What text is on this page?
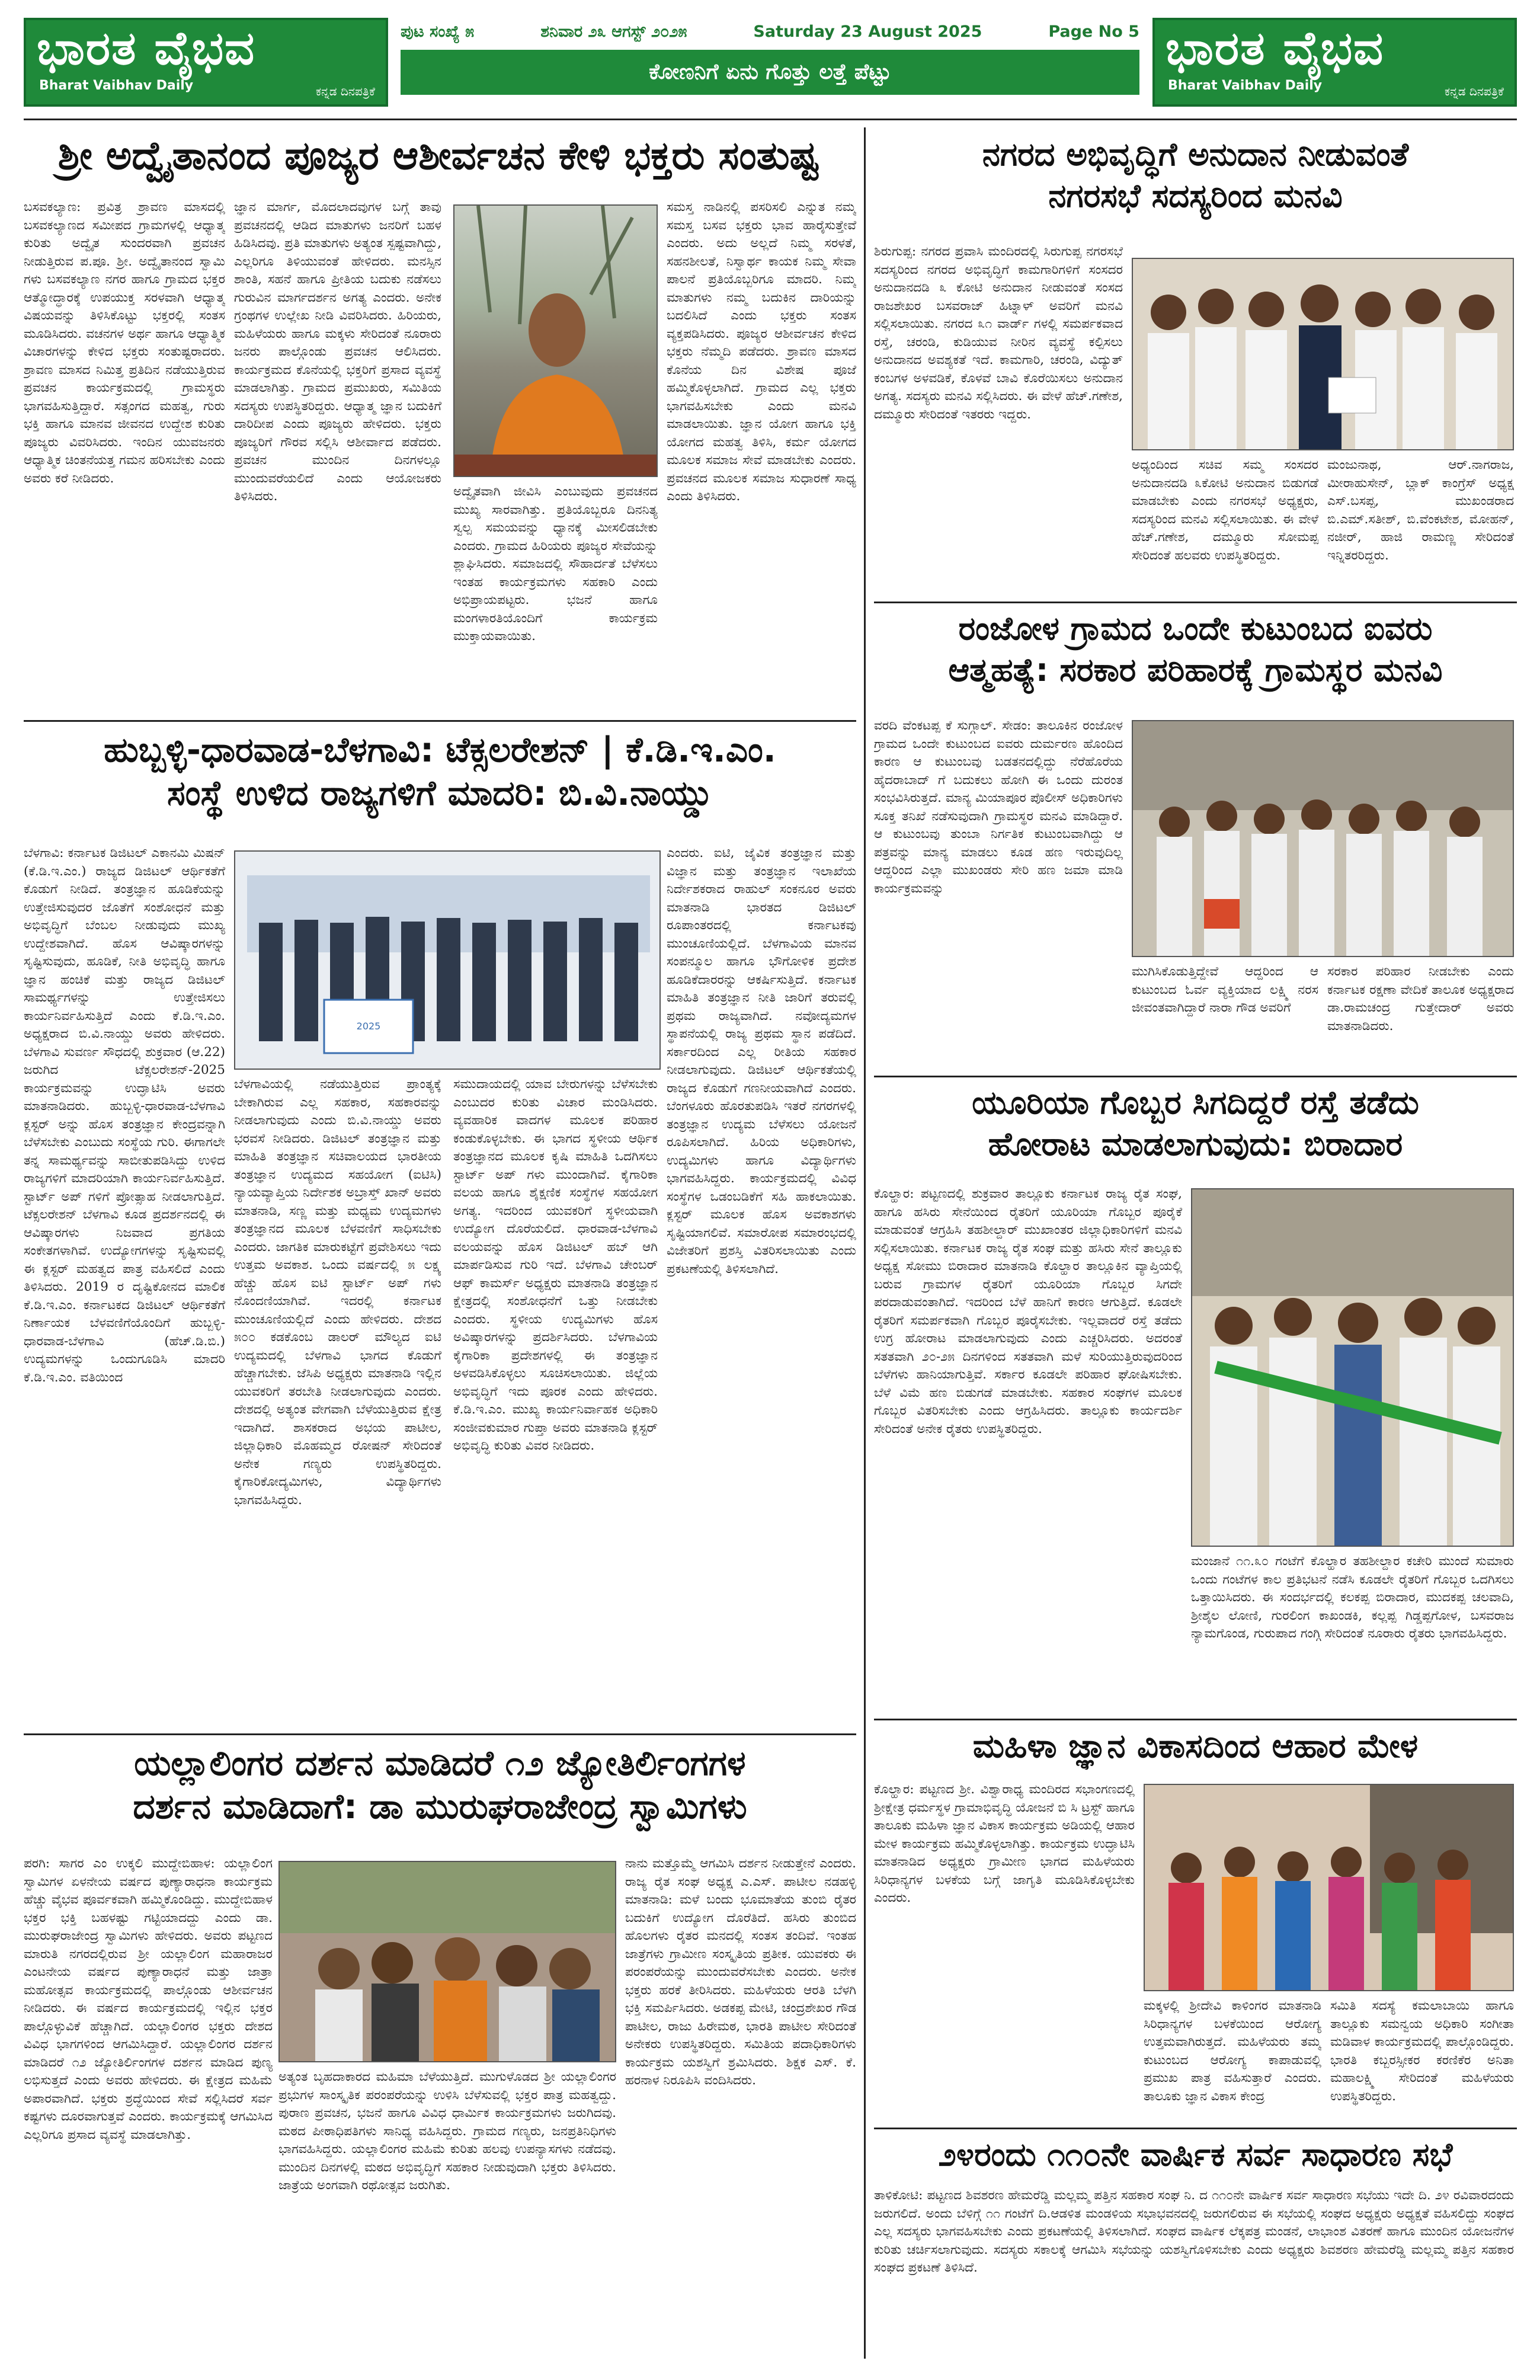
ಭಾರತ ವೈಭವ
Bharat Vaibhav Daily	ಕನ್ನಡ ದಿನಪತ್ರಿಕೆ
ಭಾರತ ವೈಭವ
Bharat Vaibhav Daily	ಕನ್ನಡ ದಿನಪತ್ರಿಕೆ
ಪುಟ ಸಂಖ್ಯೆ ೫	ಶನಿವಾರ ೨೩ ಆಗಸ್ಟ್ ೨೦೨೫	Saturday 23 August 2025	Page No 5
ಕೋಣನಿಗೆ ಏನು ಗೊತ್ತು ಲತ್ತೆ ಪೆಟ್ಟು
ಶ್ರೀ ಅದ್ವೈತಾನಂದ ಪೂಜ್ಯರ ಆಶೀರ್ವಚನ ಕೇಳಿ ಭಕ್ತರು ಸಂತುಷ್ಟ
ಬಸವಕಲ್ಯಾಣ: ಪ್ರವಿತ್ರ ಶ್ರಾವಣ ಮಾಸದಲ್ಲಿ ಬಸವಕಲ್ಯಾಣದ ಸಮೀಪದ ಗ್ರಾಮಗಳಲ್ಲಿ ಆಧ್ಯಾತ್ಮ ಕುರಿತು ಅದ್ವೈತ ಸುಂದರವಾಗಿ ಪ್ರವಚನ ನೀಡುತ್ತಿರುವ ಪ.ಪೂ. ಶ್ರೀ. ಅದ್ವೈತಾನಂದ ಸ್ವಾಮಿ ಗಳು ಬಸವಕಲ್ಯಾಣ ನಗರ ಹಾಗೂ ಗ್ರಾಮದ ಭಕ್ತರ ಆತ್ಮೋದ್ಧಾರಕ್ಕೆ ಉಪಯುಕ್ತ ಸರಳವಾಗಿ ಆಧ್ಯಾತ್ಮ ವಿಷಯವನ್ನು ತಿಳಿಸಿಕೊಟ್ಟು ಭಕ್ತರಲ್ಲಿ ಸಂತಸ ಮೂಡಿಸಿದರು. ವಚನಗಳ ಅರ್ಥ ಹಾಗೂ ಆಧ್ಯಾತ್ಮಿಕ ವಿಚಾರಗಳನ್ನು ಕೇಳಿದ ಭಕ್ತರು ಸಂತುಷ್ಟರಾದರು. ಶ್ರಾವಣ ಮಾಸದ ನಿಮಿತ್ತ ಪ್ರತಿದಿನ ನಡೆಯುತ್ತಿರುವ ಪ್ರವಚನ ಕಾರ್ಯಕ್ರಮದಲ್ಲಿ ಗ್ರಾಮಸ್ಥರು ಭಾಗವಹಿಸುತ್ತಿದ್ದಾರೆ. ಸತ್ಸಂಗದ ಮಹತ್ವ, ಗುರು ಭಕ್ತಿ ಹಾಗೂ ಮಾನವ ಜೀವನದ ಉದ್ದೇಶ ಕುರಿತು ಪೂಜ್ಯರು ವಿವರಿಸಿದರು. ಇಂದಿನ ಯುವಜನರು ಆಧ್ಯಾತ್ಮಿಕ ಚಿಂತನೆಯತ್ತ ಗಮನ ಹರಿಸಬೇಕು ಎಂದು ಅವರು ಕರೆ ನೀಡಿದರು.
ಜ್ಞಾನ ಮಾರ್ಗ, ಮೊದಲಾದವುಗಳ ಬಗ್ಗೆ ತಾವು ಪ್ರವಚನದಲ್ಲಿ ಆಡಿದ ಮಾತುಗಳು ಜನರಿಗೆ ಬಹಳ ಹಿಡಿಸಿದವು. ಪ್ರತಿ ಮಾತುಗಳು ಅತ್ಯಂತ ಸ್ಪಷ್ಟವಾಗಿದ್ದು, ಎಲ್ಲರಿಗೂ ತಿಳಿಯುವಂತೆ ಹೇಳಿದರು. ಮನಸ್ಸಿನ ಶಾಂತಿ, ಸಹನೆ ಹಾಗೂ ಪ್ರೀತಿಯ ಬದುಕು ನಡೆಸಲು ಗುರುವಿನ ಮಾರ್ಗದರ್ಶನ ಅಗತ್ಯ ಎಂದರು. ಅನೇಕ ಗ್ರಂಥಗಳ ಉಲ್ಲೇಖ ನೀಡಿ ವಿವರಿಸಿದರು. ಹಿರಿಯರು, ಮಹಿಳೆಯರು ಹಾಗೂ ಮಕ್ಕಳು ಸೇರಿದಂತೆ ನೂರಾರು ಜನರು ಪಾಲ್ಗೊಂಡು ಪ್ರವಚನ ಆಲಿಸಿದರು. ಕಾರ್ಯಕ್ರಮದ ಕೊನೆಯಲ್ಲಿ ಭಕ್ತರಿಗೆ ಪ್ರಸಾದ ವ್ಯವಸ್ಥೆ ಮಾಡಲಾಗಿತ್ತು. ಗ್ರಾಮದ ಪ್ರಮುಖರು, ಸಮಿತಿಯ ಸದಸ್ಯರು ಉಪಸ್ಥಿತರಿದ್ದರು. ಆಧ್ಯಾತ್ಮ ಜ್ಞಾನ ಬದುಕಿಗೆ ದಾರಿದೀಪ ಎಂದು ಪೂಜ್ಯರು ಹೇಳಿದರು. ಭಕ್ತರು ಪೂಜ್ಯರಿಗೆ ಗೌರವ ಸಲ್ಲಿಸಿ ಆಶೀರ್ವಾದ ಪಡೆದರು. ಪ್ರವಚನ ಮುಂದಿನ ದಿನಗಳಲ್ಲೂ ಮುಂದುವರೆಯಲಿದೆ ಎಂದು ಆಯೋಜಕರು ತಿಳಿಸಿದರು.	ಅದ್ವೈತವಾಗಿ ಜೀವಿಸಿ ಎಂಬುವುದು ಪ್ರವಚನದ ಮುಖ್ಯ ಸಾರವಾಗಿತ್ತು. ಪ್ರತಿಯೊಬ್ಬರೂ ದಿನನಿತ್ಯ ಸ್ವಲ್ಪ ಸಮಯವನ್ನು ಧ್ಯಾನಕ್ಕೆ ಮೀಸಲಿಡಬೇಕು ಎಂದರು. ಗ್ರಾಮದ ಹಿರಿಯರು ಪೂಜ್ಯರ ಸೇವೆಯನ್ನು ಶ್ಲಾಘಿಸಿದರು. ಸಮಾಜದಲ್ಲಿ ಸೌಹಾರ್ದತೆ ಬೆಳೆಸಲು ಇಂತಹ ಕಾರ್ಯಕ್ರಮಗಳು ಸಹಕಾರಿ ಎಂದು ಅಭಿಪ್ರಾಯಪಟ್ಟರು. ಭಜನೆ ಹಾಗೂ ಮಂಗಳಾರತಿಯೊಂದಿಗೆ ಕಾರ್ಯಕ್ರಮ ಮುಕ್ತಾಯವಾಯಿತು.
ಸಮಸ್ತ ನಾಡಿನಲ್ಲಿ ಪಸರಿಸಲಿ ಎನ್ನುತ ನಮ್ಮ ಸಮಸ್ತ ಬಸವ ಭಕ್ತರು ಭಾವ ಹಾರೈಸುತ್ತೇವೆ ಎಂದರು. ಅದು ಅಲ್ಲದೆ ನಿಮ್ಮ ಸರಳತೆ, ಸಹನಶೀಲತೆ, ನಿಸ್ವಾರ್ಥ ಕಾಯಕ ನಿಮ್ಮ ಸೇವಾ ಪಾಲನೆ ಪ್ರತಿಯೊಬ್ಬರಿಗೂ ಮಾದರಿ. ನಿಮ್ಮ ಮಾತುಗಳು ನಮ್ಮ ಬದುಕಿನ ದಾರಿಯನ್ನು ಬದಲಿಸಿದೆ ಎಂದು ಭಕ್ತರು ಸಂತಸ ವ್ಯಕ್ತಪಡಿಸಿದರು. ಪೂಜ್ಯರ ಆಶೀರ್ವಚನ ಕೇಳಿದ ಭಕ್ತರು ನೆಮ್ಮದಿ ಪಡೆದರು. ಶ್ರಾವಣ ಮಾಸದ ಕೊನೆಯ ದಿನ ವಿಶೇಷ ಪೂಜೆ ಹಮ್ಮಿಕೊಳ್ಳಲಾಗಿದೆ. ಗ್ರಾಮದ ಎಲ್ಲ ಭಕ್ತರು ಭಾಗವಹಿಸಬೇಕು ಎಂದು ಮನವಿ ಮಾಡಲಾಯಿತು. ಜ್ಞಾನ ಯೋಗ ಹಾಗೂ ಭಕ್ತಿ ಯೋಗದ ಮಹತ್ವ ತಿಳಿಸಿ, ಕರ್ಮ ಯೋಗದ ಮೂಲಕ ಸಮಾಜ ಸೇವೆ ಮಾಡಬೇಕು ಎಂದರು. ಪ್ರವಚನದ ಮೂಲಕ ಸಮಾಜ ಸುಧಾರಣೆ ಸಾಧ್ಯ ಎಂದು ತಿಳಿಸಿದರು.
ಹುಬ್ಬಳ್ಳಿ-ಧಾರವಾಡ-ಬೆಳಗಾವಿ: ಟೆಕ್ಸಲರೇಶನ್ | ಕೆ.ಡಿ.ಇ.ಎಂ.
ಸಂಸ್ಥೆ ಉಳಿದ ರಾಜ್ಯಗಳಿಗೆ ಮಾದರಿ: ಬಿ.ವಿ.ನಾಯ್ಡು
ಬೆಳಗಾವಿ: ಕರ್ನಾಟಕ ಡಿಜಿಟಲ್ ಎಕಾನಮಿ ಮಿಷನ್ (ಕೆ.ಡಿ.ಇ.ಎಂ.) ರಾಜ್ಯದ ಡಿಜಿಟಲ್ ಆರ್ಥಿಕತೆಗೆ ಕೊಡುಗೆ ನೀಡಿದೆ. ತಂತ್ರಜ್ಞಾನ ಹೂಡಿಕೆಯನ್ನು ಉತ್ತೇಜಿಸುವುದರ ಜೊತೆಗೆ ಸಂಶೋಧನೆ ಮತ್ತು ಅಭಿವೃದ್ಧಿಗೆ ಬೆಂಬಲ ನೀಡುವುದು ಮುಖ್ಯ ಉದ್ದೇಶವಾಗಿದೆ. ಹೊಸ ಆವಿಷ್ಕಾರಗಳನ್ನು ಸೃಷ್ಟಿಸುವುದು, ಹೂಡಿಕೆ, ನೀತಿ ಅಭಿವೃದ್ಧಿ ಹಾಗೂ ಜ್ಞಾನ ಹಂಚಿಕೆ ಮತ್ತು ರಾಜ್ಯದ ಡಿಜಿಟಲ್ ಸಾಮರ್ಥ್ಯಗಳನ್ನು ಉತ್ತೇಜಿಸಲು ಕಾರ್ಯನಿರ್ವಹಿಸುತ್ತಿದೆ ಎಂದು ಕೆ.ಡಿ.ಇ.ಎಂ. ಅಧ್ಯಕ್ಷರಾದ ಬಿ.ವಿ.ನಾಯ್ಡು ಅವರು ಹೇಳಿದರು. ಬೆಳಗಾವಿ ಸುವರ್ಣ ಸೌಧದಲ್ಲಿ ಶುಕ್ರವಾರ (ಆ.22) ಜರುಗಿದ ಟೆಕ್ಸಲರೇಶನ್-2025 ಕಾರ್ಯಕ್ರಮವನ್ನು ಉದ್ಘಾಟಿಸಿ ಅವರು ಮಾತನಾಡಿದರು. ಹುಬ್ಬಳ್ಳಿ-ಧಾರವಾಡ-ಬೆಳಗಾವಿ ಕ್ಲಸ್ಟರ್ ಅನ್ನು ಹೊಸ ತಂತ್ರಜ್ಞಾನ ಕೇಂದ್ರವನ್ನಾಗಿ ಬೆಳೆಸಬೇಕು ಎಂಬುದು ಸಂಸ್ಥೆಯ ಗುರಿ. ಈಗಾಗಲೇ ತನ್ನ ಸಾಮರ್ಥ್ಯವನ್ನು ಸಾಬೀತುಪಡಿಸಿದ್ದು ಉಳಿದ ರಾಜ್ಯಗಳಿಗೆ ಮಾದರಿಯಾಗಿ ಕಾರ್ಯನಿರ್ವಹಿಸುತ್ತಿದೆ. ಸ್ಟಾರ್ಟ್ ಅಪ್ ಗಳಿಗೆ ಪ್ರೋತ್ಸಾಹ ನೀಡಲಾಗುತ್ತಿದೆ. ಟೆಕ್ಸಲರೇಶನ್ ಬೆಳಗಾವಿ ಕೂಡ ಪ್ರದರ್ಶನದಲ್ಲಿ ಈ ಆವಿಷ್ಕಾರಗಳು ನಿಜವಾದ ಪ್ರಗತಿಯ ಸಂಕೇತಗಳಾಗಿವೆ. ಉದ್ಯೋಗಗಳನ್ನು ಸೃಷ್ಟಿಸುವಲ್ಲಿ ಈ ಕ್ಲಸ್ಟರ್ ಮಹತ್ವದ ಪಾತ್ರ ವಹಿಸಲಿದೆ ಎಂದು ತಿಳಿಸಿದರು. 2019 ರ ದೃಷ್ಟಿಕೋನದ ಮಾಲಿಕ ಕೆ.ಡಿ.ಇ.ಎಂ. ಕರ್ನಾಟಕದ ಡಿಜಿಟಲ್ ಆರ್ಥಿಕತೆಗೆ ನಿರ್ಣಾಯಕ ಬೆಳವಣಿಗೆಯೊಂದಿಗೆ ಹುಬ್ಬಳ್ಳಿ-ಧಾರವಾಡ-ಬೆಳಗಾವಿ (ಹೆಚ್.ಡಿ.ಬಿ.) ಉದ್ಯಮಗಳನ್ನು ಒಂದುಗೂಡಿಸಿ ಮಾದರಿ ಕೆ.ಡಿ.ಇ.ಎಂ. ವತಿಯಿಂದ
2025
ಬೆಳಗಾವಿಯಲ್ಲಿ ನಡೆಯುತ್ತಿರುವ ಪ್ರಾಂತ್ಯಕ್ಕೆ ಬೇಕಾಗಿರುವ ಎಲ್ಲ ಸಹಕಾರ, ಸಹಕಾರವನ್ನು ನೀಡಲಾಗುವುದು ಎಂದು ಬಿ.ವಿ.ನಾಯ್ಡು ಅವರು ಭರವಸೆ ನೀಡಿದರು. ಡಿಜಿಟಲ್ ತಂತ್ರಜ್ಞಾನ ಮತ್ತು ಮಾಹಿತಿ ತಂತ್ರಜ್ಞಾನ ಸಚಿವಾಲಯದ ಭಾರತೀಯ ತಂತ್ರಜ್ಞಾನ ಉದ್ಯಮದ ಸಹಯೋಗ (ಐಟಿಸಿ) ನ್ಯಾಯವ್ಯಾಪ್ತಿಯ ನಿರ್ದೇಶಕ ಅಬ್ರಾಸ್ತ್ ಖಾನ್ ಅವರು ಮಾತನಾಡಿ, ಸಣ್ಣ ಮತ್ತು ಮಧ್ಯಮ ಉದ್ಯಮಗಳು ತಂತ್ರಜ್ಞಾನದ ಮೂಲಕ ಬೆಳವಣಿಗೆ ಸಾಧಿಸಬೇಕು ಎಂದರು. ಜಾಗತಿಕ ಮಾರುಕಟ್ಟೆಗೆ ಪ್ರವೇಶಿಸಲು ಇದು ಉತ್ತಮ ಅವಕಾಶ. ಒಂದು ವರ್ಷದಲ್ಲಿ ೫ ಲಕ್ಷ್ಯ ಹೆಚ್ಚು ಹೊಸ ಐಟಿ ಸ್ಟಾರ್ಟ್ ಅಪ್ ಗಳು ನೊಂದಣಿಯಾಗಿವೆ. ಇದರಲ್ಲಿ ಕರ್ನಾಟಕ ಮುಂಚೂಣಿಯಲ್ಲಿದೆ ಎಂದು ಹೇಳಿದರು. ದೇಶದ ೫೦೦ ಕಡಕೊಂಬ ಡಾಲರ್ ಮೌಲ್ಯದ ಐಟಿ ಉದ್ಯಮದಲ್ಲಿ ಬೆಳಗಾವಿ ಭಾಗದ ಕೊಡುಗೆ ಹೆಚ್ಚಾಗಬೇಕು. ಜೆಸಿಪಿ ಅಧ್ಯಕ್ಷರು ಮಾತನಾಡಿ ಇಲ್ಲಿನ ಯುವಕರಿಗೆ ತರಬೇತಿ ನೀಡಲಾಗುವುದು ಎಂದರು. ದೇಶದಲ್ಲಿ ಅತ್ಯಂತ ವೇಗವಾಗಿ ಬೆಳೆಯುತ್ತಿರುವ ಕ್ಷೇತ್ರ ಇದಾಗಿದೆ. ಶಾಸಕರಾದ ಅಭಯ ಪಾಟೀಲ, ಜಿಲ್ಲಾಧಿಕಾರಿ ಮೊಹಮ್ಮದ ರೋಷನ್ ಸೇರಿದಂತೆ ಅನೇಕ ಗಣ್ಯರು ಉಪಸ್ಥಿತರಿದ್ದರು. ಕೈಗಾರಿಕೋದ್ಯಮಿಗಳು, ವಿದ್ಯಾರ್ಥಿಗಳು ಭಾಗವಹಿಸಿದ್ದರು.
ಸಮುದಾಯದಲ್ಲಿ ಯಾವ ಬೇರುಗಳನ್ನು ಬೆಳೆಸಬೇಕು ಎಂಬುದರ ಕುರಿತು ವಿಚಾರ ಮಂಡಿಸಿದರು. ವ್ಯವಹಾರಿಕ ವಾದಗಳ ಮೂಲಕ ಪರಿಹಾರ ಕಂಡುಕೊಳ್ಳಬೇಕು. ಈ ಭಾಗದ ಸ್ಥಳೀಯ ಆರ್ಥಿಕ ತಂತ್ರಜ್ಞಾನದ ಮೂಲಕ ಕೃಷಿ ಮಾಹಿತಿ ಒದಗಿಸಲು ಸ್ಟಾರ್ಟ್ ಅಪ್ ಗಳು ಮುಂದಾಗಿವೆ. ಕೈಗಾರಿಕಾ ವಲಯ ಹಾಗೂ ಶೈಕ್ಷಣಿಕ ಸಂಸ್ಥೆಗಳ ಸಹಯೋಗ ಅಗತ್ಯ. ಇದರಿಂದ ಯುವಕರಿಗೆ ಸ್ಥಳೀಯವಾಗಿ ಉದ್ಯೋಗ ದೊರೆಯಲಿದೆ. ಧಾರವಾಡ-ಬೆಳಗಾವಿ ವಲಯವನ್ನು ಹೊಸ ಡಿಜಿಟಲ್ ಹಬ್ ಆಗಿ ಮಾರ್ಪಡಿಸುವ ಗುರಿ ಇದೆ. ಬೆಳಗಾವಿ ಚೇಂಬರ್ ಆಫ್ ಕಾಮರ್ಸ್ ಅಧ್ಯಕ್ಷರು ಮಾತನಾಡಿ ತಂತ್ರಜ್ಞಾನ ಕ್ಷೇತ್ರದಲ್ಲಿ ಸಂಶೋಧನೆಗೆ ಒತ್ತು ನೀಡಬೇಕು ಎಂದರು. ಸ್ಥಳೀಯ ಉದ್ಯಮಿಗಳು ಹೊಸ ಅವಿಷ್ಕಾರಗಳನ್ನು ಪ್ರದರ್ಶಿಸಿದರು. ಬೆಳಗಾವಿಯ ಕೈಗಾರಿಕಾ ಪ್ರದೇಶಗಳಲ್ಲಿ ಈ ತಂತ್ರಜ್ಞಾನ ಅಳವಡಿಸಿಕೊಳ್ಳಲು ಸೂಚಿಸಲಾಯಿತು. ಜಿಲ್ಲೆಯ ಅಭಿವೃದ್ಧಿಗೆ ಇದು ಪೂರಕ ಎಂದು ಹೇಳಿದರು. ಕೆ.ಡಿ.ಇ.ಎಂ. ಮುಖ್ಯ ಕಾರ್ಯನಿರ್ವಾಹಕ ಅಧಿಕಾರಿ ಸಂಜೀವಕುಮಾರ ಗುಪ್ತಾ ಅವರು ಮಾತನಾಡಿ ಕ್ಲಸ್ಟರ್ ಅಭಿವೃದ್ಧಿ ಕುರಿತು ವಿವರ ನೀಡಿದರು.
ಎಂದರು. ಐಟಿ, ಜೈವಿಕ ತಂತ್ರಜ್ಞಾನ ಮತ್ತು ವಿಜ್ಞಾನ ಮತ್ತು ತಂತ್ರಜ್ಞಾನ ಇಲಾಖೆಯ ನಿರ್ದೇಶಕರಾದ ರಾಹುಲ್ ಸಂಕನೂರ ಅವರು ಮಾತನಾಡಿ ಭಾರತದ ಡಿಜಿಟಲ್ ರೂಪಾಂತರದಲ್ಲಿ ಕರ್ನಾಟಕವು ಮುಂಚೂಣಿಯಲ್ಲಿದೆ. ಬೆಳಗಾವಿಯ ಮಾನವ ಸಂಪನ್ಮೂಲ ಹಾಗೂ ಭೌಗೋಳಿಕ ಪ್ರದೇಶ ಹೂಡಿಕೆದಾರರನ್ನು ಆಕರ್ಷಿಸುತ್ತಿದೆ. ಕರ್ನಾಟಕ ಮಾಹಿತಿ ತಂತ್ರಜ್ಞಾನ ನೀತಿ ಜಾರಿಗೆ ತರುವಲ್ಲಿ ಪ್ರಥಮ ರಾಜ್ಯವಾಗಿದೆ. ನವೋದ್ಯಮಗಳ ಸ್ಥಾಪನೆಯಲ್ಲಿ ರಾಜ್ಯ ಪ್ರಥಮ ಸ್ಥಾನ ಪಡೆದಿದೆ. ಸರ್ಕಾರದಿಂದ ಎಲ್ಲ ರೀತಿಯ ಸಹಕಾರ ನೀಡಲಾಗುವುದು. ಡಿಜಿಟಲ್ ಆರ್ಥಿಕತೆಯಲ್ಲಿ ರಾಜ್ಯದ ಕೊಡುಗೆ ಗಣನೀಯವಾಗಿದೆ ಎಂದರು. ಬೆಂಗಳೂರು ಹೊರತುಪಡಿಸಿ ಇತರೆ ನಗರಗಳಲ್ಲಿ ತಂತ್ರಜ್ಞಾನ ಉದ್ಯಮ ಬೆಳೆಸಲು ಯೋಜನೆ ರೂಪಿಸಲಾಗಿದೆ. ಹಿರಿಯ ಅಧಿಕಾರಿಗಳು, ಉದ್ಯಮಿಗಳು ಹಾಗೂ ವಿದ್ಯಾರ್ಥಿಗಳು ಭಾಗವಹಿಸಿದ್ದರು. ಕಾರ್ಯಕ್ರಮದಲ್ಲಿ ವಿವಿಧ ಸಂಸ್ಥೆಗಳ ಒಡಂಬಡಿಕೆಗೆ ಸಹಿ ಹಾಕಲಾಯಿತು. ಕ್ಲಸ್ಟರ್ ಮೂಲಕ ಹೊಸ ಅವಕಾಶಗಳು ಸೃಷ್ಟಿಯಾಗಲಿವೆ. ಸಮಾರೋಪ ಸಮಾರಂಭದಲ್ಲಿ ವಿಜೇತರಿಗೆ ಪ್ರಶಸ್ತಿ ವಿತರಿಸಲಾಯಿತು ಎಂದು ಪ್ರಕಟಣೆಯಲ್ಲಿ ತಿಳಿಸಲಾಗಿದೆ.
ಯಲ್ಲಾಲಿಂಗರ ದರ್ಶನ ಮಾಡಿದರೆ ೧೨ ಜ್ಯೋತಿರ್ಲಿಂಗಗಳ
ದರ್ಶನ ಮಾಡಿದಾಗೆ: ಡಾ ಮುರುಘರಾಜೇಂದ್ರ ಸ್ವಾಮಿಗಳು
ಪರಗಿ: ಸಾಗರ ಎಂ ಉಕ್ಕಲಿ ಮುದ್ದೇಬಿಹಾಳ: ಯಲ್ಲಾಲಿಂಗ ಸ್ವಾಮಿಗಳ ಏಳನೇಯ ವರ್ಷದ ಪುಣ್ಯಾರಾಧನಾ ಕಾರ್ಯಕ್ರಮ ಹೆಚ್ಚು ವೈಭವ ಪೂರ್ವಕವಾಗಿ ಹಮ್ಮಿಕೊಂಡಿದ್ದು. ಮುದ್ದೇಬಿಹಾಳ ಭಕ್ತರ ಭಕ್ತಿ ಬಹಳಷ್ಟು ಗಟ್ಟಿಯಾದದ್ದು ಎಂದು ಡಾ. ಮುರುಘರಾಜೇಂದ್ರ ಸ್ವಾಮಿಗಳು ಹೇಳಿದರು. ಅವರು ಪಟ್ಟಣದ ಮಾರುತಿ ನಗರದಲ್ಲಿರುವ ಶ್ರೀ ಯಲ್ಲಾಲಿಂಗ ಮಹಾರಾಜರ ಎಂಟನೇಯ ವರ್ಷದ ಪುಣ್ಯಾರಾಧನೆ ಮತ್ತು ಜಾತ್ರಾ ಮಹೋತ್ಸವ ಕಾರ್ಯಕ್ರಮದಲ್ಲಿ ಪಾಲ್ಗೊಂಡು ಆಶೀರ್ವಚನ ನೀಡಿದರು. ಈ ವರ್ಷದ ಕಾರ್ಯಕ್ರಮದಲ್ಲಿ ಇಲ್ಲಿನ ಭಕ್ತರ ಪಾಲ್ಗೊಳ್ಳುವಿಕೆ ಹೆಚ್ಚಾಗಿದೆ. ಯಲ್ಲಾಲಿಂಗರ ಭಕ್ತರು ದೇಶದ ವಿವಿಧ ಭಾಗಗಳಿಂದ ಆಗಮಿಸಿದ್ದಾರೆ. ಯಲ್ಲಾಲಿಂಗರ ದರ್ಶನ ಮಾಡಿದರೆ ೧೨ ಜ್ಯೋತಿರ್ಲಿಂಗಗಳ ದರ್ಶನ ಮಾಡಿದ ಪುಣ್ಯ ಲಭಿಸುತ್ತದೆ ಎಂದು ಅವರು ಹೇಳಿದರು. ಈ ಕ್ಷೇತ್ರದ ಮಹಿಮೆ ಅಪಾರವಾಗಿದೆ. ಭಕ್ತರು ಶ್ರದ್ಧೆಯಿಂದ ಸೇವೆ ಸಲ್ಲಿಸಿದರೆ ಸರ್ವ ಕಷ್ಟಗಳು ದೂರವಾಗುತ್ತವೆ ಎಂದರು. ಕಾರ್ಯಕ್ರಮಕ್ಕೆ ಆಗಮಿಸಿದ ಎಲ್ಲರಿಗೂ ಪ್ರಸಾದ ವ್ಯವಸ್ಥೆ ಮಾಡಲಾಗಿತ್ತು.
ಅತ್ಯಂತ ಬೃಹದಾಕಾರದ ಮಹಿಮಾ ಬೆಳೆಯುತ್ತಿದೆ. ಮುಗುಳೊಡದ ಶ್ರೀ ಯಲ್ಲಾಲಿಂಗರ ಪ್ರಭುಗಳ ಸಾಂಸ್ಕೃತಿಕ ಪರಂಪರೆಯನ್ನು ಉಳಿಸಿ ಬೆಳೆಸುವಲ್ಲಿ ಭಕ್ತರ ಪಾತ್ರ ಮಹತ್ವದ್ದು. ಪುರಾಣ ಪ್ರವಚನ, ಭಜನೆ ಹಾಗೂ ವಿವಿಧ ಧಾರ್ಮಿಕ ಕಾರ್ಯಕ್ರಮಗಳು ಜರುಗಿದವು. ಮಠದ ಪೀಠಾಧಿಪತಿಗಳು ಸಾನಿಧ್ಯ ವಹಿಸಿದ್ದರು. ಗ್ರಾಮದ ಗಣ್ಯರು, ಜನಪ್ರತಿನಿಧಿಗಳು ಭಾಗವಹಿಸಿದ್ದರು. ಯಲ್ಲಾಲಿಂಗರ ಮಹಿಮೆ ಕುರಿತು ಹಲವು ಉಪನ್ಯಾಸಗಳು ನಡೆದವು. ಮುಂದಿನ ದಿನಗಳಲ್ಲಿ ಮಠದ ಅಭಿವೃದ್ಧಿಗೆ ಸಹಕಾರ ನೀಡುವುದಾಗಿ ಭಕ್ತರು ತಿಳಿಸಿದರು. ಜಾತ್ರೆಯ ಅಂಗವಾಗಿ ರಥೋತ್ಸವ ಜರುಗಿತು.
ನಾನು ಮತ್ತೊಮ್ಮೆ ಆಗಮಿಸಿ ದರ್ಶನ ನೀಡುತ್ತೇನೆ ಎಂದರು. ರಾಜ್ಯ ರೈತ ಸಂಘ ಅಧ್ಯಕ್ಷ ಎ.ಎಸ್. ಪಾಟೀಲ ನಡಹಳ್ಳಿ ಮಾತನಾಡಿ: ಮಳೆ ಬಂದು ಭೂಮಾತೆಯ ತುಂಬಿ ರೈತರ ಬದುಕಿಗೆ ಉದ್ಯೋಗ ದೊರೆತಿದೆ. ಹಸಿರು ತುಂಬಿದ ಹೊಲಗಳು ರೈತರ ಮನದಲ್ಲಿ ಸಂತಸ ತಂದಿವೆ. ಇಂತಹ ಜಾತ್ರೆಗಳು ಗ್ರಾಮೀಣ ಸಂಸ್ಕೃತಿಯ ಪ್ರತೀಕ. ಯುವಕರು ಈ ಪರಂಪರೆಯನ್ನು ಮುಂದುವರೆಸಬೇಕು ಎಂದರು. ಅನೇಕ ಭಕ್ತರು ಹರಕೆ ತೀರಿಸಿದರು. ಮಹಿಳೆಯರು ಆರತಿ ಬೆಳಗಿ ಭಕ್ತಿ ಸಮರ್ಪಿಸಿದರು. ಅಡಕಪ್ಪ ಮೇಟಿ, ಚಂದ್ರಶೇಖರ ಗೌಡ ಪಾಟೀಲ, ರಾಜು ಹಿರೇಮಠ, ಭಾರತಿ ಪಾಟೀಲ ಸೇರಿದಂತೆ ಅನೇಕರು ಉಪಸ್ಥಿತರಿದ್ದರು. ಸಮಿತಿಯ ಪದಾಧಿಕಾರಿಗಳು ಕಾರ್ಯಕ್ರಮ ಯಶಸ್ವಿಗೆ ಶ್ರಮಿಸಿದರು. ಶಿಕ್ಷಕ ಎಸ್. ಕೆ. ಹರನಾಳ ನಿರೂಪಿಸಿ ವಂದಿಸಿದರು.
ನಗರದ ಅಭಿವೃದ್ಧಿಗೆ ಅನುದಾನ ನೀಡುವಂತೆ
ನಗರಸಭೆ ಸದಸ್ಯರಿಂದ ಮನವಿ
ಶಿರುಗುಪ್ಪ: ನಗರದ ಪ್ರವಾಸಿ ಮಂದಿರದಲ್ಲಿ ಸಿರುಗುಪ್ಪ ನಗರಸಭೆ ಸದಸ್ಯರಿಂದ ನಗರದ ಅಭಿವೃದ್ಧಿಗೆ ಕಾಮಗಾರಿಗಳಿಗೆ ಸಂಸದರ ಅನುದಾನದಡಿ ೩ ಕೋಟಿ ಅನುದಾನ ನೀಡುವಂತೆ ಸಂಸದ ರಾಜಶೇಖರ ಬಸವರಾಜ್ ಹಿಟ್ನಾಳ್ ಅವರಿಗೆ ಮನವಿ ಸಲ್ಲಿಸಲಾಯಿತು. ನಗರದ ೩೧ ವಾರ್ಡ್ ಗಳಲ್ಲಿ ಸಮರ್ಪಕವಾದ ರಸ್ತೆ, ಚರಂಡಿ, ಕುಡಿಯುವ ನೀರಿನ ವ್ಯವಸ್ಥೆ ಕಲ್ಪಿಸಲು ಅನುದಾನದ ಅವಶ್ಯಕತೆ ಇದೆ. ಕಾಮಗಾರಿ, ಚರಂಡಿ, ವಿದ್ಯುತ್ ಕಂಬಗಳ ಅಳವಡಿಕೆ, ಕೊಳವೆ ಬಾವಿ ಕೊರೆಯಿಸಲು ಅನುದಾನ ಅಗತ್ಯ. ಸದಸ್ಯರು ಮನವಿ ಸಲ್ಲಿಸಿದರು. ಈ ವೇಳೆ ಹೆಚ್.ಗಣೇಶ, ದಮ್ಮೂರು ಸೇರಿದಂತೆ ಇತರರು ಇದ್ದರು.
ಅಧ್ಯಂದಿಂದ ಸಚಿವ ಸಮ್ಮ ಸಂಸದರ ಅನುದಾನದಡಿ ೩ಕೋಟಿ ಅನುದಾನ ಬಿಡುಗಡೆ ಮಾಡಬೇಕು ಎಂದು ನಗರಸಭೆ ಅಧ್ಯಕ್ಷರು, ಸದಸ್ಯರಿಂದ ಮನವಿ ಸಲ್ಲಿಸಲಾಯಿತು. ಈ ವೇಳೆ ಹೆಚ್.ಗಣೇಶ, ದಮ್ಮೂರು ಸೋಮಪ್ಪ ಸೇರಿದಂತೆ ಹಲವರು ಉಪಸ್ಥಿತರಿದ್ದರು.
ಮಂಜುನಾಥ, ಆರ್.ನಾಗರಾಜ, ಮೀರಾಹುಸೇನ್, ಬ್ಲಾಕ್ ಕಾಂಗ್ರೆಸ್ ಅಧ್ಯಕ್ಷ ಎಸ್.ಬಸಪ್ಪ, ಮುಖಂಡರಾದ ಬಿ.ಎಮ್.ಸತೀಶ್, ಬಿ.ವೆಂಕಟೇಶ, ಮೋಹನ್, ನಜೀರ್, ಹಾಜಿ ರಾಮಣ್ಣ ಸೇರಿದಂತೆ ಇನ್ನಿತರರಿದ್ದರು.
ರಂಜೋಳ ಗ್ರಾಮದ ಒಂದೇ ಕುಟುಂಬದ ಐವರು
ಆತ್ಮಹತ್ಯೆ: ಸರಕಾರ ಪರಿಹಾರಕ್ಕೆ ಗ್ರಾಮಸ್ಥರ ಮನವಿ
ವರದಿ ವೆಂಕಟಪ್ಪ ಕೆ ಸುಗ್ಗಾಲ್. ಸೇಡಂ: ತಾಲೂಕಿನ ರಂಜೋಳ ಗ್ರಾಮದ ಒಂದೇ ಕುಟುಂಬದ ಐವರು ದುರ್ಮರಣ ಹೊಂದಿದ ಕಾರಣ ಆ ಕುಟುಂಬವು ಬಡತನದಲ್ಲಿದ್ದು ನೆರೆಹೊರೆಯ ಹೈದರಾಬಾದ್ ಗೆ ಬದುಕಲು ಹೋಗಿ ಈ ಒಂದು ದುರಂತ ಸಂಭವಿಸಿರುತ್ತದೆ. ಮಾನ್ಯ ಮಿಯಾಪೂರ ಪೊಲೀಸ್ ಅಧಿಕಾರಿಗಳು ಸೂಕ್ತ ತನಿಖೆ ನಡೆಸುವುದಾಗಿ ಗ್ರಾಮಸ್ಥರ ಮನವಿ ಮಾಡಿದ್ದಾರೆ. ಆ ಕುಟುಂಬವು ತುಂಬಾ ನಿರ್ಗತಿಕ ಕುಟುಂಬವಾಗಿದ್ದು ಆ ಪತ್ರವನ್ನು ಮಾನ್ಯ ಮಾಡಲು ಕೂಡ ಹಣ ಇರುವುದಿಲ್ಲ ಆದ್ದರಿಂದ ಎಲ್ಲಾ ಮುಖಂಡರು ಸೇರಿ ಹಣ ಜಮಾ ಮಾಡಿ ಕಾರ್ಯಕ್ರಮವನ್ನು
ಮುಗಿಸಿಕೊಡುತ್ತಿದ್ದೇವೆ ಆದ್ದರಿಂದ ಆ ಕುಟುಂಬದ ಓರ್ವ ವ್ಯಕ್ತಿಯಾದ ಲಕ್ಷ್ಮಿ ನರಸ ಜೀವಂತವಾಗಿದ್ದಾರೆ ನಾರಾ ಗೌಡ ಅವರಿಗೆ
ಸರಕಾರ ಪರಿಹಾರ ನೀಡಬೇಕು ಎಂದು ಕರ್ನಾಟಕ ರಕ್ಷಣಾ ವೇದಿಕೆ ತಾಲೂಕ ಅಧ್ಯಕ್ಷರಾದ ಡಾ.ರಾಮಚಂದ್ರ ಗುತ್ತೇದಾರ್ ಅವರು ಮಾತನಾಡಿದರು.
ಯೂರಿಯಾ ಗೊಬ್ಬರ ಸಿಗದಿದ್ದರೆ ರಸ್ತೆ ತಡೆದು
ಹೋರಾಟ ಮಾಡಲಾಗುವುದು: ಬಿರಾದಾರ
ಕೊಲ್ಹಾರ: ಪಟ್ಟಣದಲ್ಲಿ ಶುಕ್ರವಾರ ತಾಲ್ಲೂಕು ಕರ್ನಾಟಕ ರಾಜ್ಯ ರೈತ ಸಂಘ, ಹಾಗೂ ಹಸಿರು ಸೇನೆಯಿಂದ ರೈತರಿಗೆ ಯೂರಿಯಾ ಗೊಬ್ಬರ ಪೂರೈಕೆ ಮಾಡುವಂತೆ ಆಗ್ರಹಿಸಿ ತಹಶೀಲ್ದಾರ್ ಮುಖಾಂತರ ಜಿಲ್ಲಾಧಿಕಾರಿಗಳಿಗೆ ಮನವಿ ಸಲ್ಲಿಸಲಾಯಿತು. ಕರ್ನಾಟಕ ರಾಜ್ಯ ರೈತ ಸಂಘ ಮತ್ತು ಹಸಿರು ಸೇನೆ ತಾಲ್ಲೂಕು ಅಧ್ಯಕ್ಷ ಸೋಮು ಬಿರಾದಾರ ಮಾತನಾಡಿ ಕೊಲ್ಹಾರ ತಾಲ್ಲೂಕಿನ ವ್ಯಾಪ್ತಿಯಲ್ಲಿ ಬರುವ ಗ್ರಾಮಗಳ ರೈತರಿಗೆ ಯೂರಿಯಾ ಗೊಬ್ಬರ ಸಿಗದೇ ಪರದಾಡುವಂತಾಗಿದೆ. ಇದರಿಂದ ಬೆಳೆ ಹಾನಿಗೆ ಕಾರಣ ಆಗುತ್ತಿದೆ. ಕೂಡಲೇ ರೈತರಿಗೆ ಸಮರ್ಪಕವಾಗಿ ಗೊಬ್ಬರ ಪೂರೈಸಬೇಕು. ಇಲ್ಲವಾದರೆ ರಸ್ತೆ ತಡೆದು ಉಗ್ರ ಹೋರಾಟ ಮಾಡಲಾಗುವುದು ಎಂದು ಎಚ್ಚರಿಸಿದರು. ಅದರಂತೆ ಸತತವಾಗಿ ೨೦-೨೫ ದಿನಗಳಿಂದ ಸತತವಾಗಿ ಮಳೆ ಸುರಿಯುತ್ತಿರುವುದರಿಂದ ಬೆಳೆಗಳು ಹಾನಿಯಾಗುತ್ತಿವೆ. ಸರ್ಕಾರ ಕೂಡಲೇ ಪರಿಹಾರ ಘೋಷಿಸಬೇಕು. ಬೆಳೆ ವಿಮೆ ಹಣ ಬಿಡುಗಡೆ ಮಾಡಬೇಕು. ಸಹಕಾರ ಸಂಘಗಳ ಮೂಲಕ ಗೊಬ್ಬರ ವಿತರಿಸಬೇಕು ಎಂದು ಆಗ್ರಹಿಸಿದರು. ತಾಲ್ಲೂಕು ಕಾರ್ಯದರ್ಶಿ ಸೇರಿದಂತೆ ಅನೇಕ ರೈತರು ಉಪಸ್ಥಿತರಿದ್ದರು.
ಮಂಜಾನೆ ೧೧.೩೦ ಗಂಟೆಗೆ ಕೊಲ್ಹಾರ ತಹಶೀಲ್ದಾರ ಕಚೇರಿ ಮುಂದೆ ಸುಮಾರು ಒಂದು ಗಂಟೆಗಳ ಕಾಲ ಪ್ರತಿಭಟನೆ ನಡೆಸಿ ಕೂಡಲೇ ರೈತರಿಗೆ ಗೊಬ್ಬರ ಒದಗಿಸಲು ಒತ್ತಾಯಿಸಿದರು. ಈ ಸಂದರ್ಭದಲ್ಲಿ ಕಲಕಪ್ಪ ಬಿರಾದಾರ, ಮುದಕಪ್ಪ ಚಲವಾದಿ, ಶ್ರೀಶೈಲ ಲೋಣಿ, ಗುರಲಿಂಗ ಕಾಖಂಡಕಿ, ಕಲ್ಲಪ್ಪ ಗಿಡ್ಡಪ್ಪಗೋಳ, ಬಸವರಾಜ ನ್ಯಾಮಗೊಂಡ, ಗುರುಪಾದ ಗಂಗ್ಗಿ ಸೇರಿದಂತೆ ನೂರಾರು ರೈತರು ಭಾಗವಹಿಸಿದ್ದರು.
ಮಹಿಳಾ ಜ್ಞಾನ ವಿಕಾಸದಿಂದ ಆಹಾರ ಮೇಳ
ಕೊಲ್ಹಾರ: ಪಟ್ಟಣದ ಶ್ರೀ. ವಿಶ್ವಾರಾಧ್ಯ ಮಂದಿರದ ಸಭಾಂಗಣದಲ್ಲಿ ಶ್ರೀಕ್ಷೇತ್ರ ಧರ್ಮಸ್ಥಳ ಗ್ರಾಮಾಭಿವೃದ್ಧಿ ಯೋಜನೆ ಬಿ ಸಿ ಟ್ರಸ್ಟ್ ಹಾಗೂ ತಾಲೂಕು ಮಹಿಳಾ ಜ್ಞಾನ ವಿಕಾಸ ಕಾರ್ಯಕ್ರಮ ಅಡಿಯಲ್ಲಿ ಆಹಾರ ಮೇಳ ಕಾರ್ಯಕ್ರಮ ಹಮ್ಮಿಕೊಳ್ಳಲಾಗಿತ್ತು. ಕಾರ್ಯಕ್ರಮ ಉದ್ಘಾಟಿಸಿ ಮಾತನಾಡಿದ ಅಧ್ಯಕ್ಷರು ಗ್ರಾಮೀಣ ಭಾಗದ ಮಹಿಳೆಯರು ಸಿರಿಧಾನ್ಯಗಳ ಬಳಕೆಯ ಬಗ್ಗೆ ಜಾಗೃತಿ ಮೂಡಿಸಿಕೊಳ್ಳಬೇಕು ಎಂದರು.
ಮಕ್ಕಳಲ್ಲಿ ಶ್ರೀದೇವಿ ಕಾಳಿಂಗರ ಮಾತನಾಡಿ ಸಿರಿಧಾನ್ಯಗಳ ಬಳಕೆಯಿಂದ ಆರೋಗ್ಯ ಉತ್ತಮವಾಗಿರುತ್ತದೆ. ಮಹಿಳೆಯರು ತಮ್ಮ ಕುಟುಂಬದ ಆರೋಗ್ಯ ಕಾಪಾಡುವಲ್ಲಿ ಪ್ರಮುಖ ಪಾತ್ರ ವಹಿಸುತ್ತಾರೆ ಎಂದರು. ತಾಲೂಕು ಜ್ಞಾನ ವಿಕಾಸ ಕೇಂದ್ರ
ಸಮಿತಿ ಸದಸ್ಯೆ ಕಮಲಾಬಾಯಿ ಹಾಗೂ ತಾಲ್ಲೂಕು ಸಮನ್ವಯ ಅಧಿಕಾರಿ ಸಂಗೀತಾ ಮಡಿವಾಳ ಕಾರ್ಯಕ್ರಮದಲ್ಲಿ ಪಾಲ್ಗೊಂಡಿದ್ದರು. ಭಾರತಿ ಕಬ್ಬರಸ್ಸೀಕರ ಕರಣಿಕೆರ ಅನಿತಾ ಮಹಾಲಕ್ಷ್ಮಿ ಸೇರಿದಂತೆ ಮಹಿಳೆಯರು ಉಪಸ್ಥಿತರಿದ್ದರು.
೨೪ರಂದು ೧೧೦ನೇ ವಾರ್ಷಿಕ ಸರ್ವ ಸಾಧಾರಣ ಸಭೆ
ತಾಳಿಕೋಟಿ: ಪಟ್ಟಣದ ಶಿವಶರಣ ಹೇಮರೆಡ್ಡಿ ಮಲ್ಲಮ್ಮ ಪತ್ತಿನ ಸಹಕಾರ ಸಂಘ ನಿ. ದ ೧೧೦ನೇ ವಾರ್ಷಿಕ ಸರ್ವ ಸಾಧಾರಣ ಸಭೆಯು ಇದೇ ದಿ. ೨೪ ರವಿವಾರದಂದು ಜರುಗಲಿದೆ. ಅಂದು ಬೆಳಿಗ್ಗೆ ೧೧ ಗಂಟೆಗೆ ದಿ.ಆಡಳಿತ ಮಂಡಳಿಯ ಸಭಾಭವನದಲ್ಲಿ ಜರುಗಲಿರುವ ಈ ಸಭೆಯಲ್ಲಿ ಸಂಘದ ಅಧ್ಯಕ್ಷರು ಅಧ್ಯಕ್ಷತೆ ವಹಿಸಲಿದ್ದು ಸಂಘದ ಎಲ್ಲ ಸದಸ್ಯರು ಭಾಗವಹಿಸಬೇಕು ಎಂದು ಪ್ರಕಟಣೆಯಲ್ಲಿ ತಿಳಿಸಲಾಗಿದೆ. ಸಂಘದ ವಾರ್ಷಿಕ ಲೆಕ್ಕಪತ್ರ ಮಂಡನೆ, ಲಾಭಾಂಶ ವಿತರಣೆ ಹಾಗೂ ಮುಂದಿನ ಯೋಜನೆಗಳ ಕುರಿತು ಚರ್ಚಿಸಲಾಗುವುದು. ಸದಸ್ಯರು ಸಕಾಲಕ್ಕೆ ಆಗಮಿಸಿ ಸಭೆಯನ್ನು ಯಶಸ್ವಿಗೊಳಿಸಬೇಕು ಎಂದು ಅಧ್ಯಕ್ಷರು ಶಿವಶರಣ ಹೇಮರೆಡ್ಡಿ ಮಲ್ಲಮ್ಮ ಪತ್ತಿನ ಸಹಕಾರ ಸಂಘದ ಪ್ರಕಟಣೆ ತಿಳಿಸಿದೆ.
